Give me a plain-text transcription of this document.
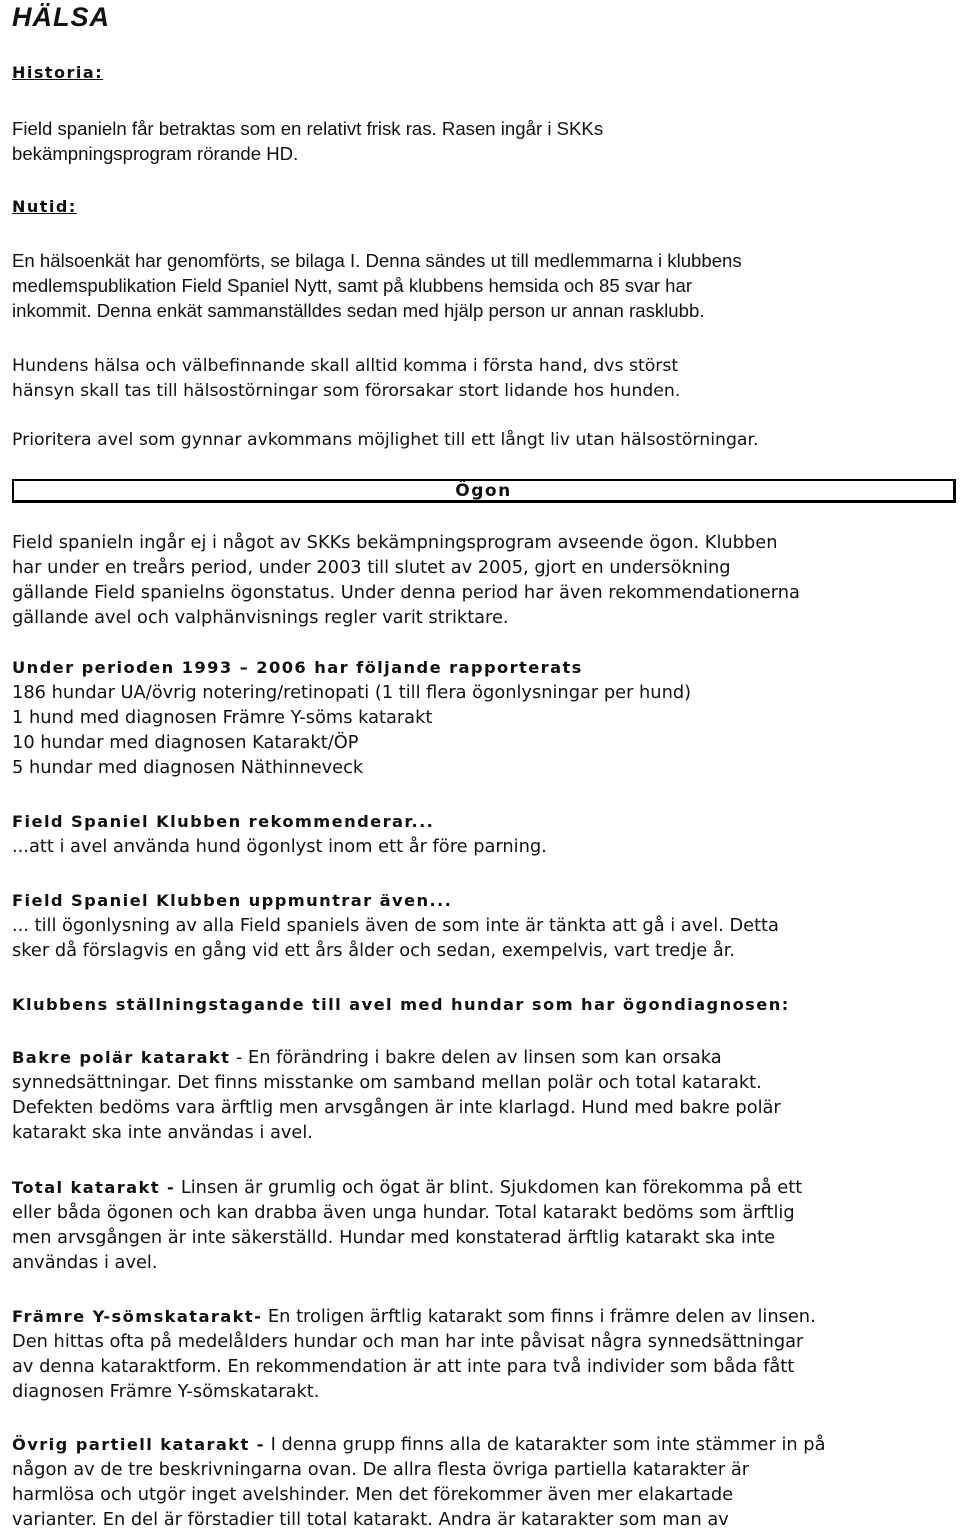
HÄLSA
Historia:

Field spanieln får betraktas som en relativt frisk ras. Rasen ingår i SKKs
bekämpningsprogram rörande HD.

Nutid:

En hälsoenkät har genomförts, se bilaga I. Denna sändes ut till medlemmarna i klubbens
medlemspublikation Field Spaniel Nytt, samt på klubbens hemsida och 85 svar har
inkommit. Denna enkät sammanställdes sedan med hjälp person ur annan rasklubb.

Hundens hälsa och välbefinnande skall alltid komma i första hand, dvs störst
hänsyn skall tas till hälsostörningar som förorsakar stort lidande hos hunden.

Prioritera avel som gynnar avkommans möjlighet till ett långt liv utan hälsostörningar.

Ögon

Field spanieln ingår ej i något av SKKs bekämpningsprogram avseende ögon. Klubben
har under en treårs period, under 2003 till slutet av 2005, gjort en undersökning
gällande Field spanielns ögonstatus. Under denna period har även rekommendationerna
gällande avel och valphänvisnings regler varit striktare.

Under perioden 1993 – 2006 har följande rapporterats
186 hundar UA/övrig notering/retinopati (1 till flera ögonlysningar per hund)
1 hund med diagnosen Främre Y-söms katarakt
10 hundar med diagnosen Katarakt/ÖP
5 hundar med diagnosen Näthinneveck

Field Spaniel Klubben rekommenderar...
...att i avel använda hund ögonlyst inom ett år före parning.

Field Spaniel Klubben uppmuntrar även...
... till ögonlysning av alla Field spaniels även de som inte är tänkta att gå i avel. Detta
sker då förslagvis en gång vid ett års ålder och sedan, exempelvis, vart tredje år.

Klubbens ställningstagande till avel med hundar som har ögondiagnosen:

Bakre polär katarakt - En förändring i bakre delen av linsen som kan orsaka
synnedsättningar. Det finns misstanke om samband mellan polär och total katarakt.
Defekten bedöms vara ärftlig men arvsgången är inte klarlagd. Hund med bakre polär
katarakt ska inte användas i avel.

Total katarakt - Linsen är grumlig och ögat är blint. Sjukdomen kan förekomma på ett
eller båda ögonen och kan drabba även unga hundar. Total katarakt bedöms som ärftlig
men arvsgången är inte säkerställd. Hundar med konstaterad ärftlig katarakt ska inte
användas i avel.

Främre Y-sömskatarakt- En troligen ärftlig katarakt som finns i främre delen av linsen.
Den hittas ofta på medelålders hundar och man har inte påvisat några synnedsättningar
av denna kataraktform. En rekommendation är att inte para två individer som båda fått
diagnosen Främre Y-sömskatarakt.

Övrig partiell katarakt - I denna grupp finns alla de katarakter som inte stämmer in på
någon av de tre beskrivningarna ovan. De allra flesta övriga partiella katarakter är
harmlösa och utgör inget avelshinder. Men det förekommer även mer elakartade
varianter. En del är förstadier till total katarakt. Andra är katarakter som man av
